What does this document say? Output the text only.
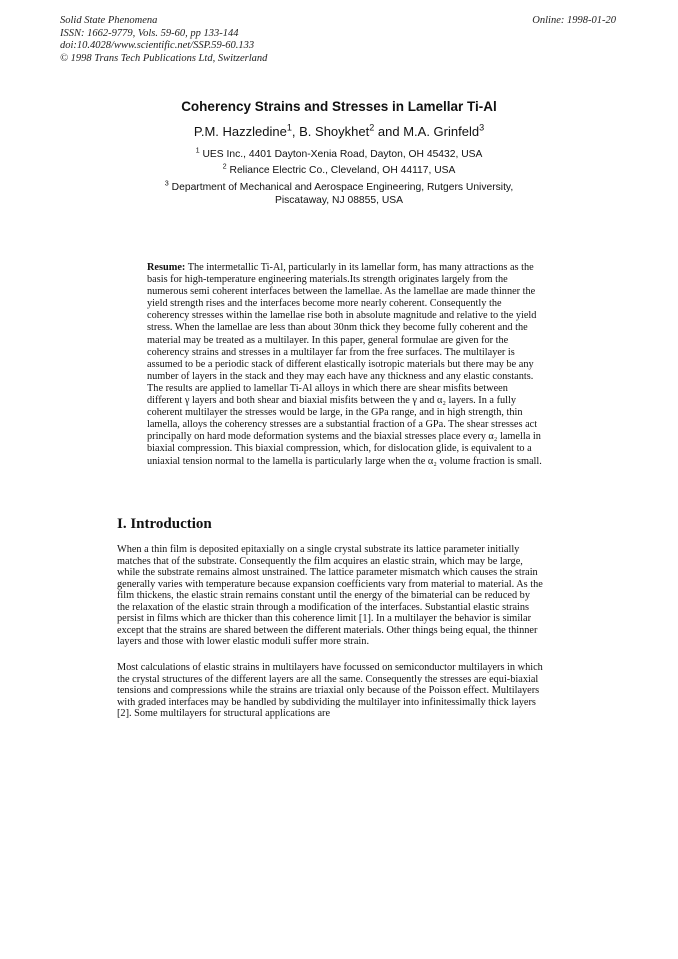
Solid State Phenomena
ISSN: 1662-9779, Vols. 59-60, pp 133-144
doi:10.4028/www.scientific.net/SSP.59-60.133
© 1998 Trans Tech Publications Ltd, Switzerland
Online: 1998-01-20
Coherency Strains and Stresses in Lamellar Ti-Al
P.M. Hazzledine$^1$, B. Shoykhet$^2$ and M.A. Grinfeld$^3$
$^1$ UES Inc., 4401 Dayton-Xenia Road, Dayton, OH 45432, USA
$^2$ Reliance Electric Co., Cleveland, OH 44117, USA
$^3$ Department of Mechanical and Aerospace Engineering, Rutgers University,
Piscataway, NJ 08855, USA

Resume: The intermetallic Ti-Al, particularly in its lamellar form, has many attractions as the basis for high-temperature engineering materials.Its strength originates largely from the numerous semi coherent interfaces between the lamellae. As the lamellae are made thinner the yield strength rises and the interfaces become more nearly coherent. Consequently the coherency stresses within the lamellae rise both in absolute magnitude and relative to the yield stress. When the lamellae are less than about 30nm thick they become fully coherent and the material may be treated as a multilayer. In this paper, general formulae are given for the coherency strains and stresses in a multilayer far from the free surfaces. The multilayer is assumed to be a periodic stack of different elastically isotropic materials but there may be any number of layers in the stack and they may each have any thickness and any elastic constants. The results are applied to lamellar Ti-Al alloys in which there are shear misfits between different γ layers and both shear and biaxial misfits between the γ and α₂ layers. In a fully coherent multilayer the stresses would be large, in the GPa range, and in high strength, thin lamella, alloys the coherency stresses are a substantial fraction of a GPa. The shear stresses act principally on hard mode deformation systems and the biaxial stresses place every α₂ lamella in biaxial compression. This biaxial compression, which, for dislocation glide, is equivalent to a uniaxial tension normal to the lamella is particularly large when the α₂ volume fraction is small.

I. Introduction

When a thin film is deposited epitaxially on a single crystal substrate its lattice parameter initially matches that of the substrate. Consequently the film acquires an elastic strain, which may be large, while the substrate remains almost unstrained. The lattice parameter mismatch which causes the strain generally varies with temperature because expansion coefficients vary from material to material. As the film thickens, the elastic strain remains constant until the energy of the bimaterial can be reduced by the relaxation of the elastic strain through a modification of the interfaces. Substantial elastic strains persist in films which are thicker than this coherence limit [1]. In a multilayer the behavior is similar except that the strains are shared between the different materials. Other things being equal, the thinner layers and those with lower elastic moduli suffer more strain.

Most calculations of elastic strains in multilayers have focussed on semiconductor multilayers in which the crystal structures of the different layers are all the same. Consequently the stresses are equi-biaxial tensions and compressions while the strains are triaxial only because of the Poisson effect. Multilayers with graded interfaces may be handled by subdividing the multilayer into infinitessimally thick layers [2]. Some multilayers for structural applications are
